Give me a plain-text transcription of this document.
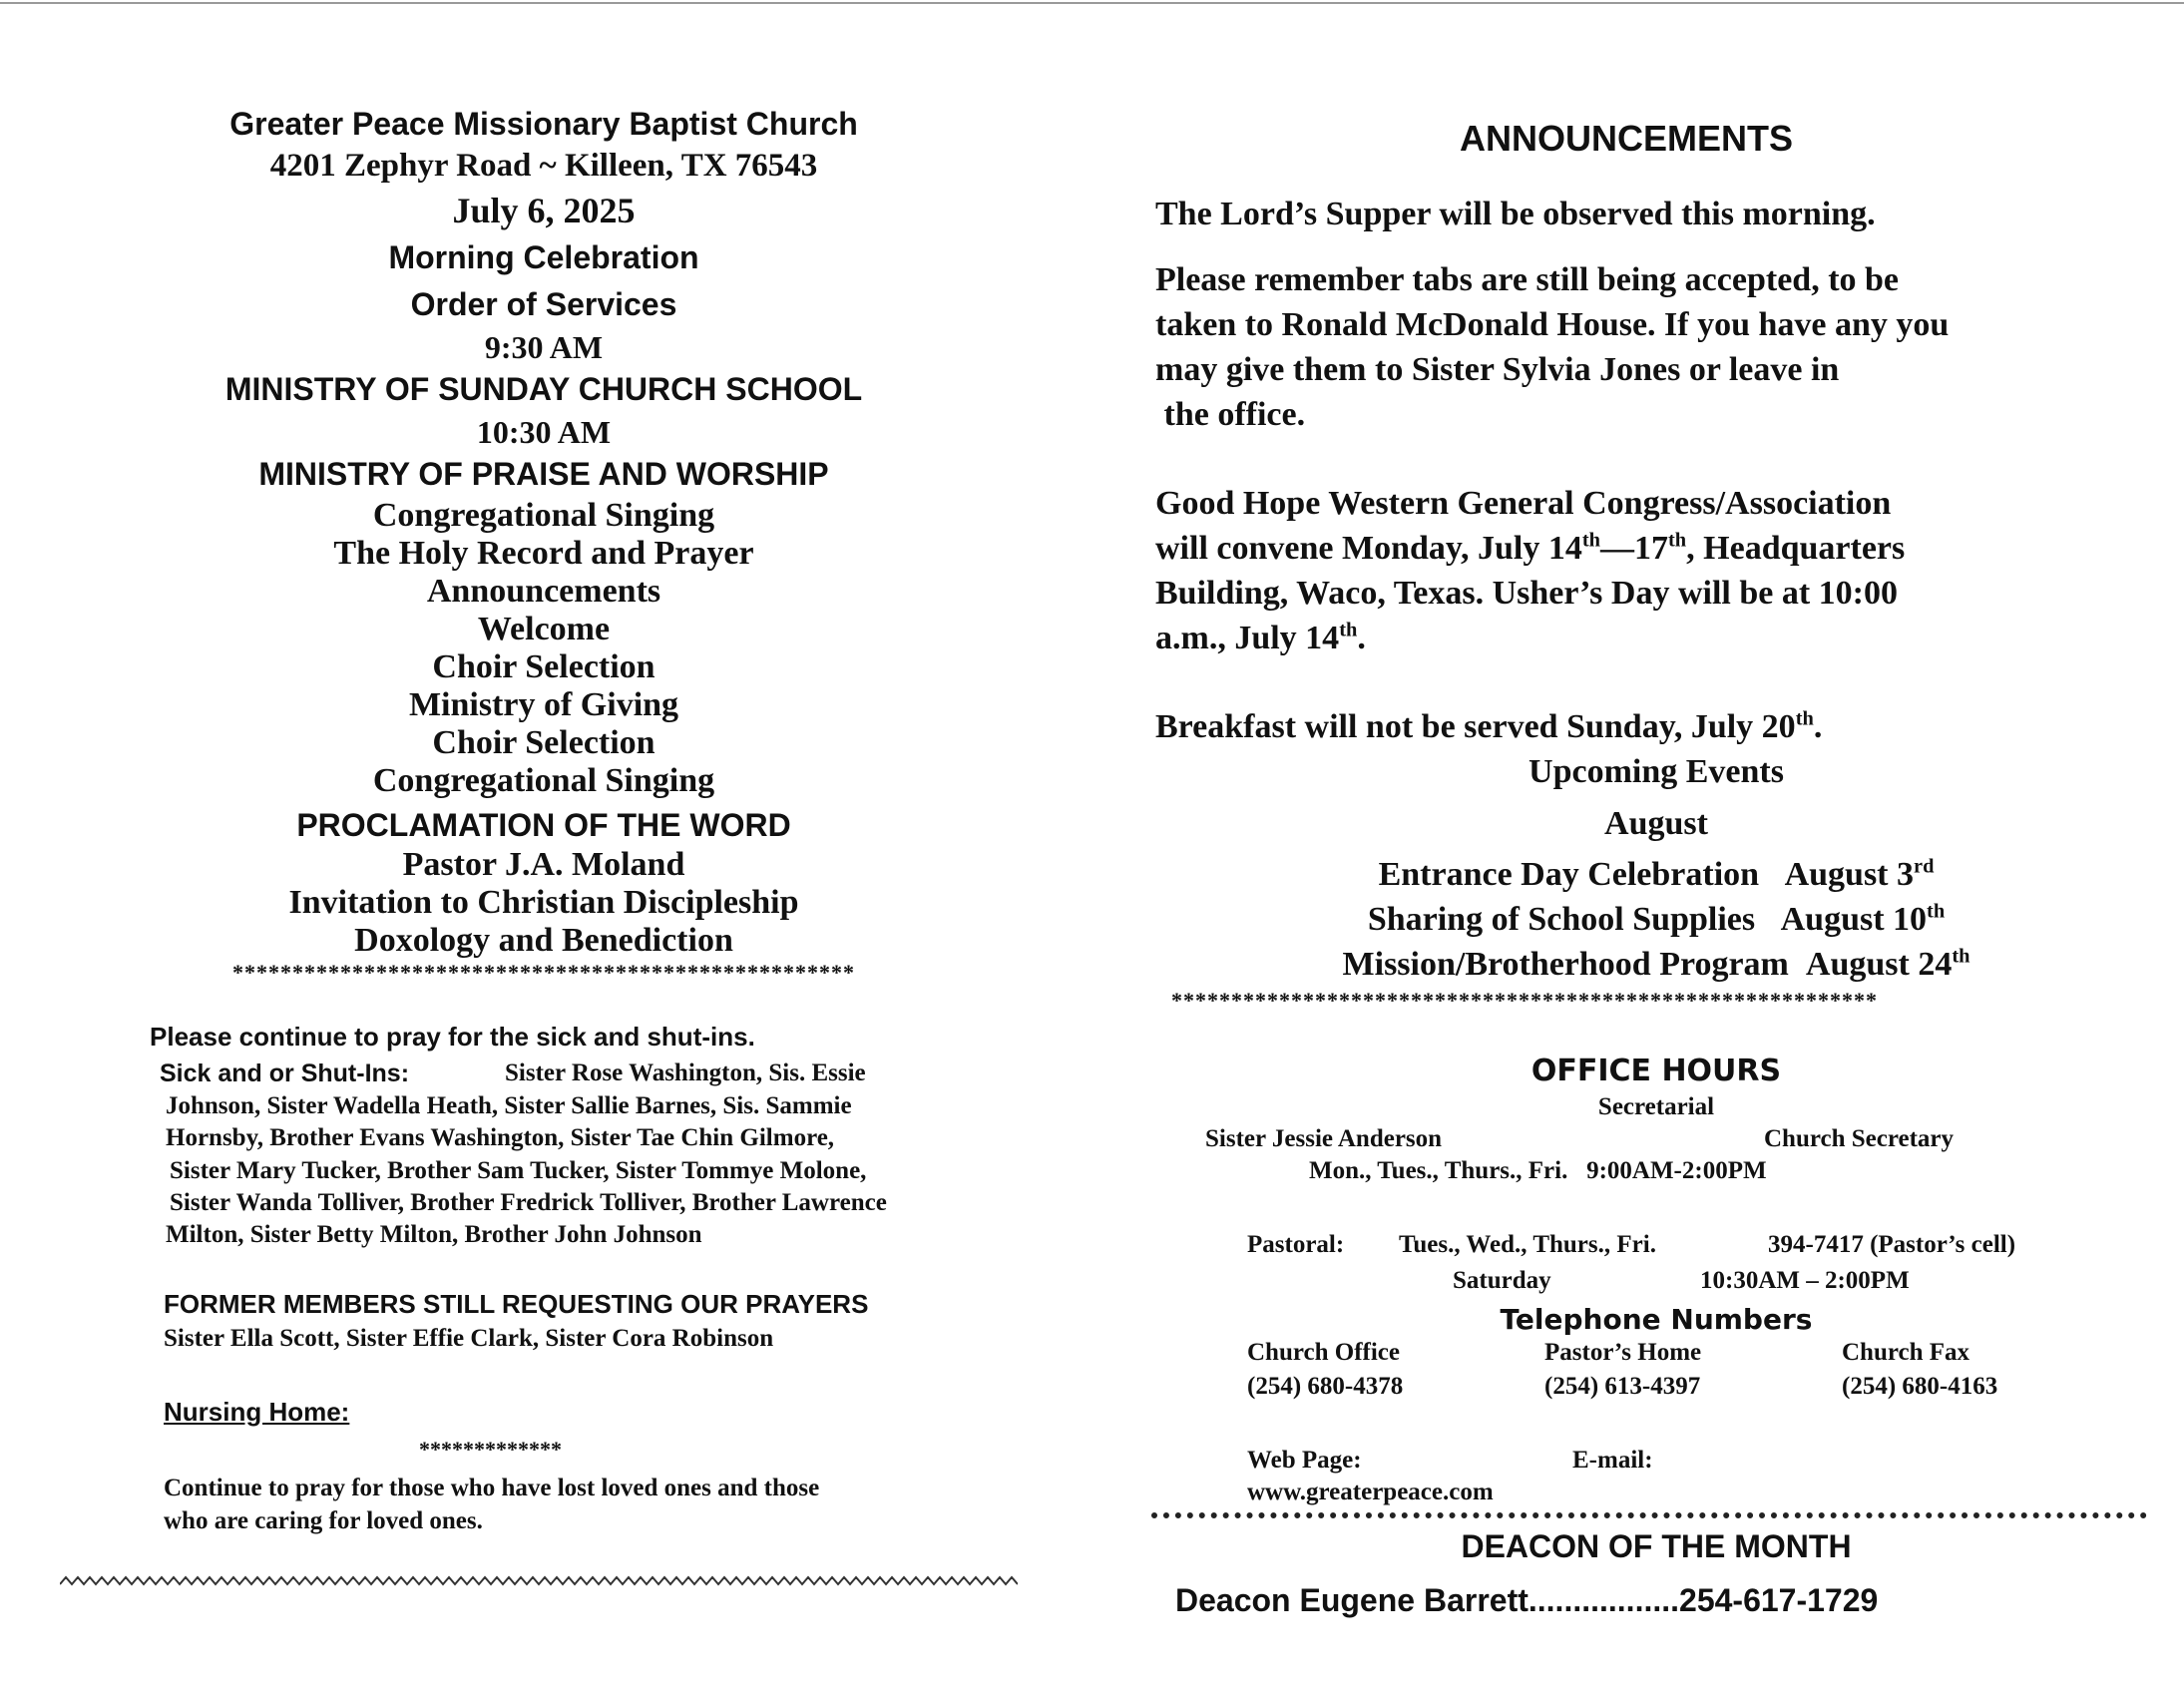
Greater Peace Missionary Baptist Church
4201 Zephyr Road ~ Killeen, TX 76543
July 6, 2025
Morning Celebration
Order of Services
9:30 AM
MINISTRY OF SUNDAY CHURCH SCHOOL
10:30 AM
MINISTRY OF PRAISE AND WORSHIP
Congregational Singing
The Holy Record and Prayer
Announcements
Welcome
Choir Selection
Ministry of Giving
Choir Selection
Congregational Singing
PROCLAMATION OF THE WORD
Pastor J.A. Moland
Invitation to Christian Discipleship
Doxology and Benediction
****************************************************
Please continue to pray for the sick and shut-ins.
Sick and or Shut-Ins:	Sister Rose Washington, Sis. Essie
Johnson, Sister Wadella Heath, Sister Sallie Barnes, Sis. Sammie
Hornsby, Brother Evans Washington, Sister Tae Chin Gilmore,
Sister Mary Tucker, Brother Sam Tucker, Sister Tommye Molone,
Sister Wanda Tolliver, Brother Fredrick Tolliver, Brother Lawrence
Milton, Sister Betty Milton, Brother John Johnson
FORMER MEMBERS STILL REQUESTING OUR PRAYERS
Sister Ella Scott, Sister Effie Clark, Sister Cora Robinson
Nursing Home:
*************
Continue to pray for those who have lost loved ones and those
who are caring for loved ones.
ANNOUNCEMENTS
The Lord’s Supper will be observed this morning.
Please remember tabs are still being accepted, to be
taken to Ronald McDonald House. If you have any you
may give them to Sister Sylvia Jones or leave in
the office.
Good Hope Western General Congress/Association
will convene Monday, July 14th—17th, Headquarters
Building, Waco, Texas. Usher’s Day will be at 10:00
a.m., July 14th.
Breakfast will not be served Sunday, July 20th.
Upcoming Events
August
Entrance Day Celebration August 3rd
Sharing of School Supplies August 10th
Mission/Brotherhood Program August 24th
***********************************************************
OFFICE HOURS
Secretarial
Sister Jessie Anderson	Church Secretary
Mon., Tues., Thurs., Fri.   9:00AM-2:00PM
Pastoral: Tues., Wed., Thurs., Fri.	394-7417 (Pastor’s cell)
Saturday	10:30AM – 2:00PM
Telephone Numbers
Church Office
(254) 680-4378
Pastor’s Home
(254) 613-4397
Church Fax
(254) 680-4163
Web Page:
www.greaterpeace.com
E-mail:
DEACON OF THE MONTH
Deacon Eugene Barrett.................254-617-1729
